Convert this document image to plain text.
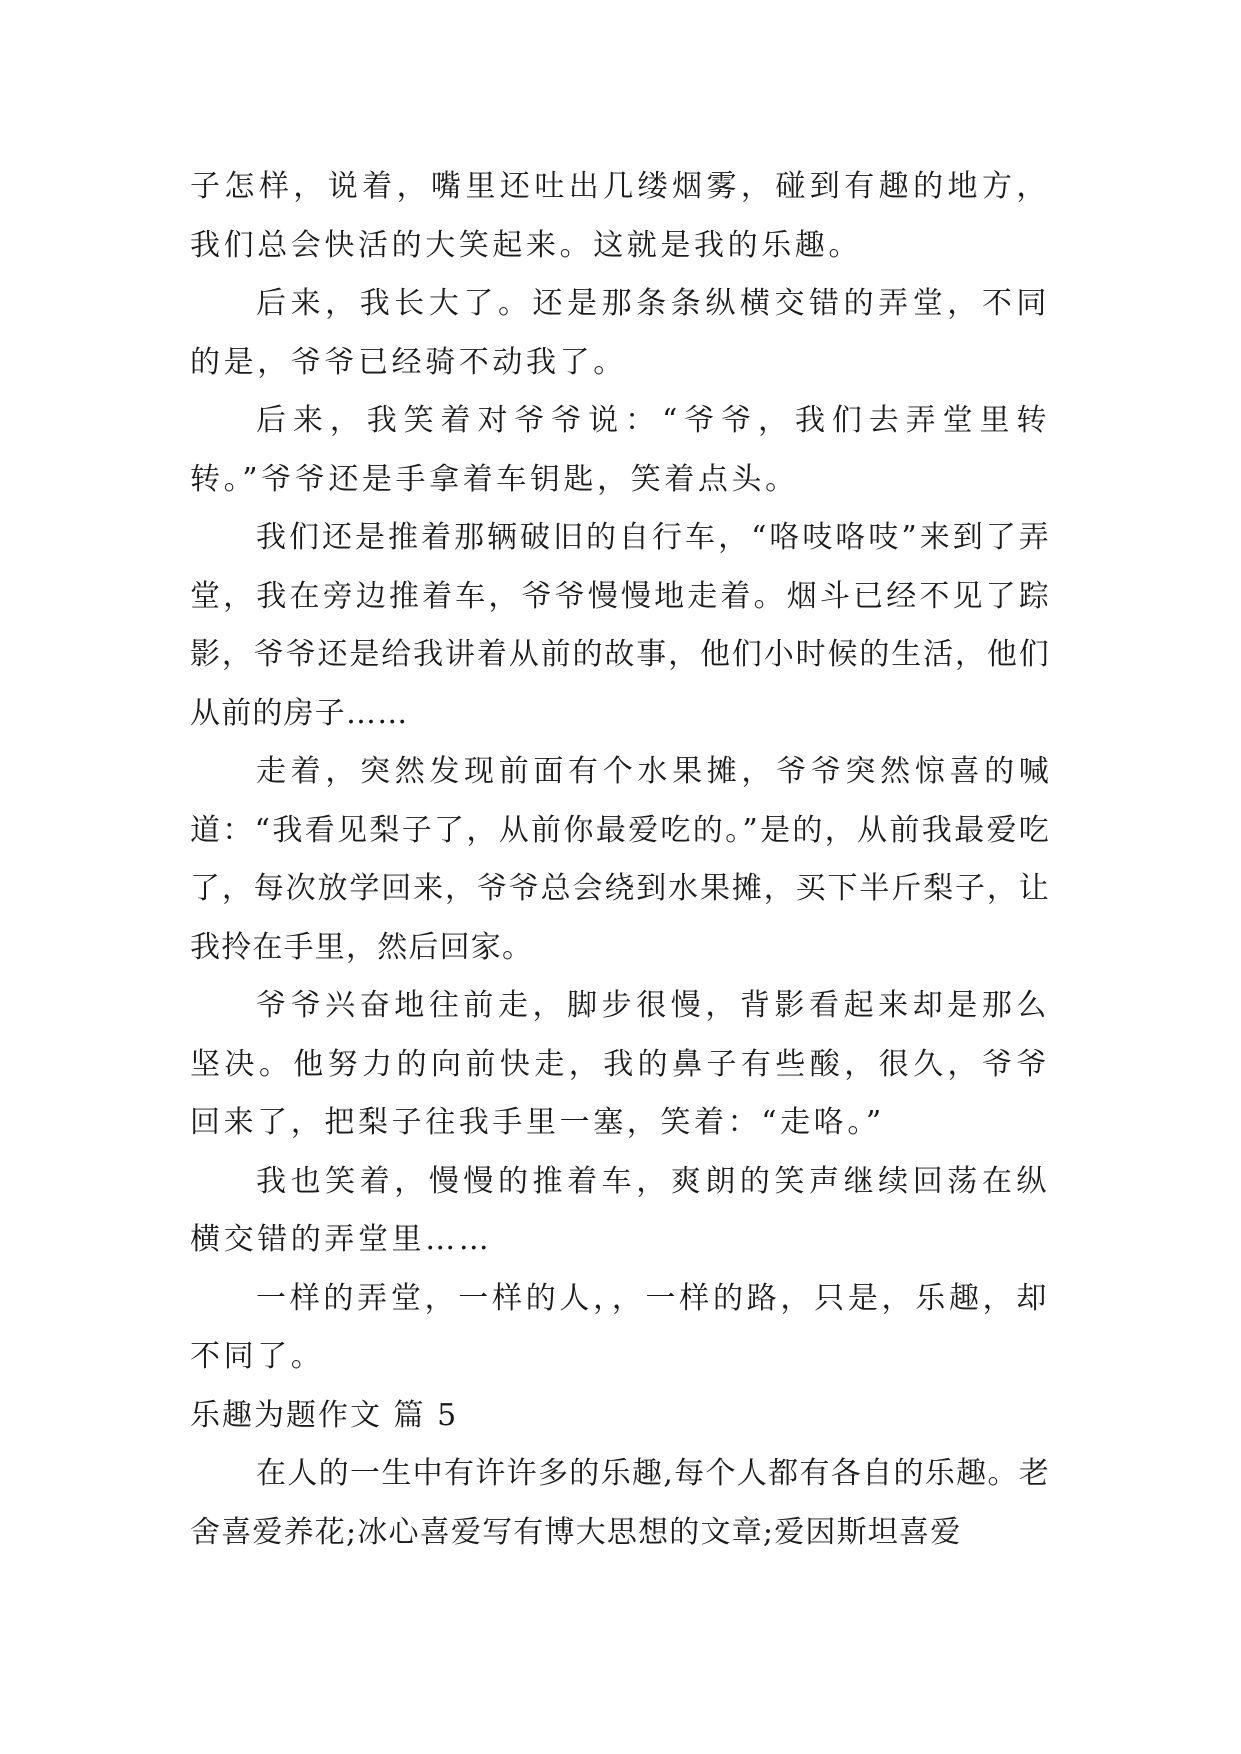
子怎样，说着，嘴里还吐出几缕烟雾，碰到有趣的地方，我们总会快活的大笑起来。这就是我的乐趣。

后来，我长大了。还是那条条纵横交错的弄堂，不同的是，爷爷已经骑不动我了。

后来，我笑着对爷爷说：“爷爷，我们去弄堂里转转。”爷爷还是手拿着车钥匙，笑着点头。

我们还是推着那辆破旧的自行车，“咯吱咯吱”来到了弄堂，我在旁边推着车，爷爷慢慢地走着。烟斗已经不见了踪影，爷爷还是给我讲着从前的故事，他们小时候的生活，他们从前的房子……

走着，突然发现前面有个水果摊，爷爷突然惊喜的喊道：“我看见梨子了，从前你最爱吃的。”是的，从前我最爱吃了，每次放学回来，爷爷总会绕到水果摊，买下半斤梨子，让我拎在手里，然后回家。

爷爷兴奋地往前走，脚步很慢，背影看起来却是那么坚决。他努力的向前快走，我的鼻子有些酸，很久，爷爷回来了，把梨子往我手里一塞，笑着：“走咯。”

我也笑着，慢慢的推着车，爽朗的笑声继续回荡在纵横交错的弄堂里……

一样的弄堂，一样的人，，一样的路，只是，乐趣，却不同了。

乐趣为题作文 篇 5

在人的一生中有许许多的乐趣,每个人都有各自的乐趣。老舍喜爱养花;冰心喜爱写有博大思想的文章;爱因斯坦喜爱
